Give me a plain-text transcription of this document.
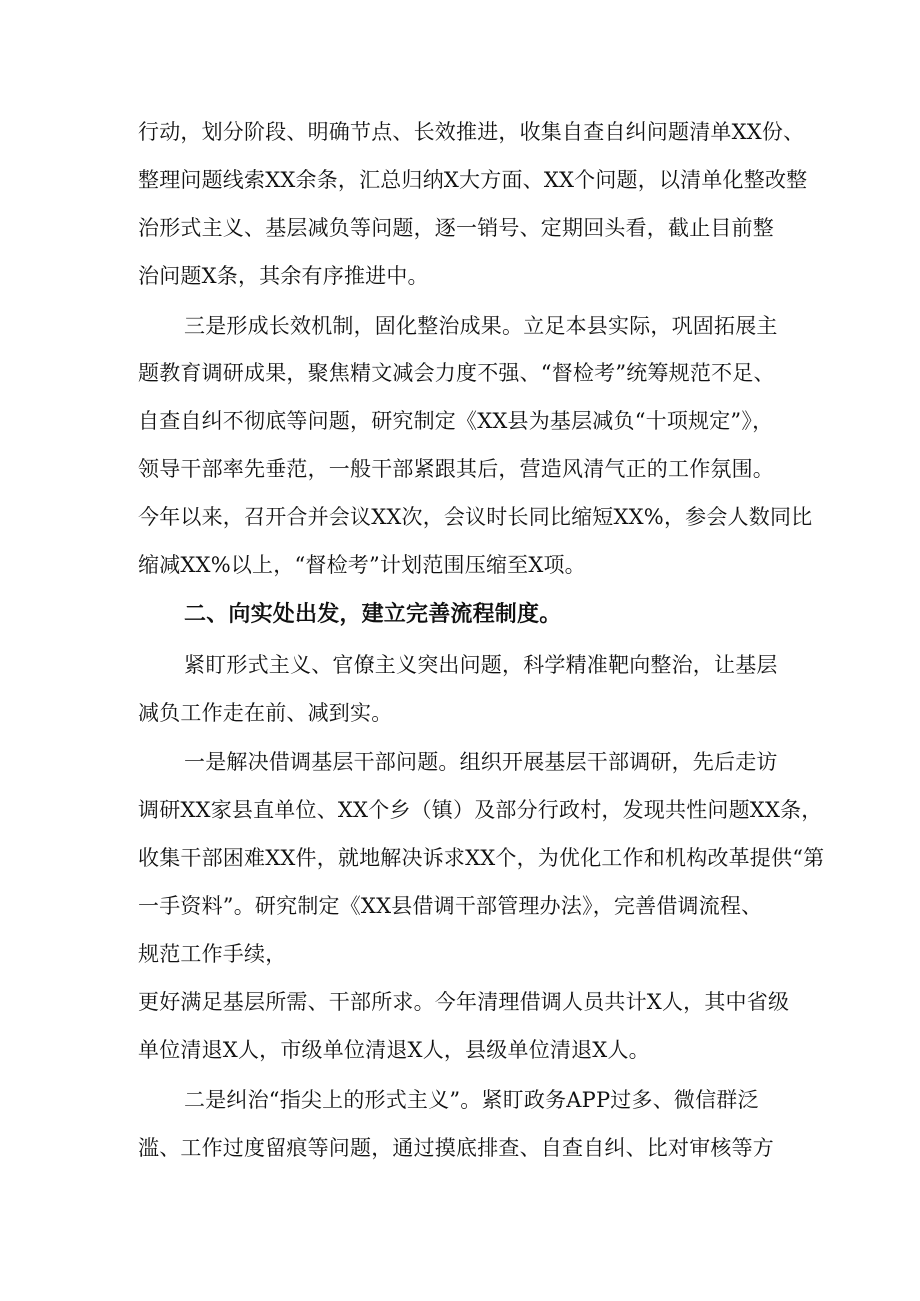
行动，划分阶段、明确节点、长效推进，收集自查自纠问题清单XX份、
整理问题线索XX余条，汇总归纳X大方面、XX个问题，以清单化整改整
治形式主义、基层减负等问题，逐一销号、定期回头看，截止目前整
治问题X条，其余有序推进中。
三是形成长效机制，固化整治成果。立足本县实际，巩固拓展主
题教育调研成果，聚焦精文减会力度不强、“督检考”统筹规范不足、
自查自纠不彻底等问题，研究制定《XX县为基层减负“十项规定”》，
领导干部率先垂范，一般干部紧跟其后，营造风清气正的工作氛围。
今年以来，召开合并会议XX次，会议时长同比缩短XX%，参会人数同比
缩减XX%以上，“督检考”计划范围压缩至X项。
二、向实处出发，建立完善流程制度。
紧盯形式主义、官僚主义突出问题，科学精准靶向整治，让基层
减负工作走在前、减到实。
一是解决借调基层干部问题。组织开展基层干部调研，先后走访
调研XX家县直单位、XX个乡（镇）及部分行政村，发现共性问题XX条，
收集干部困难XX件，就地解决诉求XX个，为优化工作和机构改革提供“第
一手资料”。研究制定《XX县借调干部管理办法》，完善借调流程、
规范工作手续，
更好满足基层所需、干部所求。今年清理借调人员共计X人，其中省级
单位清退X人，市级单位清退X人，县级单位清退X人。
二是纠治“指尖上的形式主义”。紧盯政务APP过多、微信群泛
滥、工作过度留痕等问题，通过摸底排查、自查自纠、比对审核等方
